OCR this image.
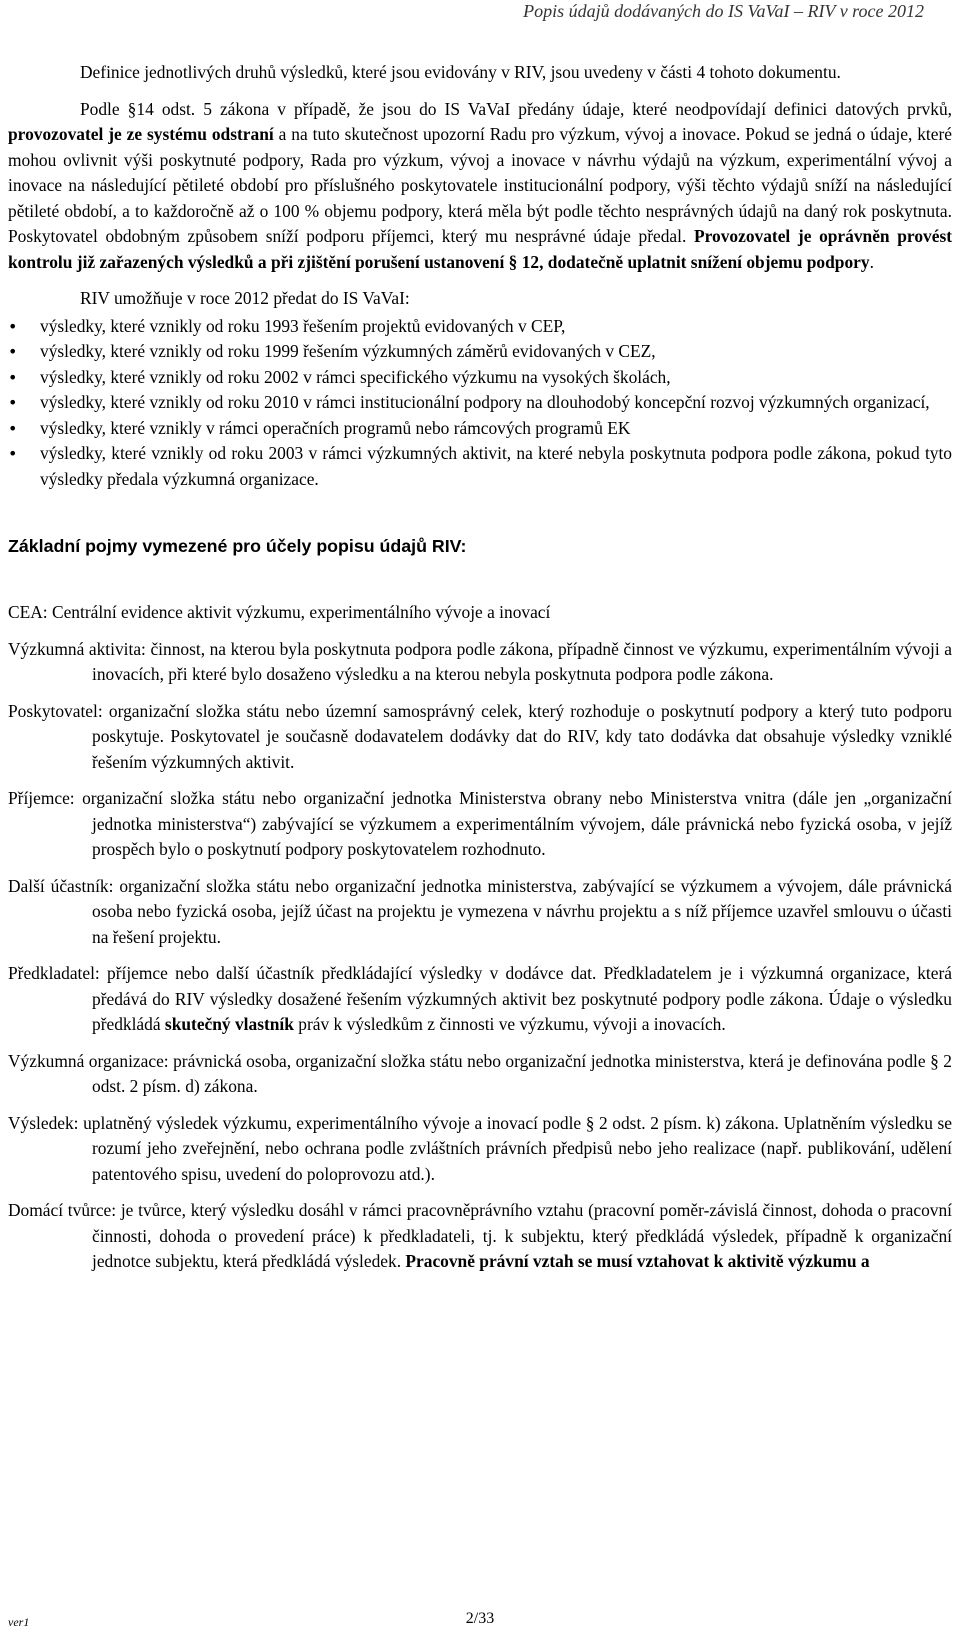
Popis údajů dodávaných do IS VaVaI – RIV v roce 2012

Definice jednotlivých druhů výsledků, které jsou evidovány v RIV, jsou uvedeny v části 4 tohoto dokumentu.

Podle §14 odst. 5 zákona v případě, že jsou do IS VaVaI předány údaje, které neodpovídají definici datových prvků, provozovatel je ze systému odstraní a na tuto skutečnost upozorní Radu pro výzkum, vývoj a inovace. Pokud se jedná o údaje, které mohou ovlivnit výši poskytnuté podpory, Rada pro výzkum, vývoj a inovace v návrhu výdajů na výzkum, experimentální vývoj a inovace na následující pětileté období pro příslušného poskytovatele institucionální podpory, výši těchto výdajů sníží na následující pětileté období, a to každoročně až o 100 % objemu podpory, která měla být podle těchto nesprávných údajů na daný rok poskytnuta. Poskytovatel obdobným způsobem sníží podporu příjemci, který mu nesprávné údaje předal. Provozovatel je oprávněn provést kontrolu již zařazených výsledků a při zjištění porušení ustanovení § 12, dodatečně uplatnit snížení objemu podpory.

RIV umožňuje v roce 2012 předat do IS VaVaI:

• výsledky, které vznikly od roku 1993 řešením projektů evidovaných v CEP,
• výsledky, které vznikly od roku 1999 řešením výzkumných záměrů evidovaných v CEZ,
• výsledky, které vznikly od roku 2002 v rámci specifického výzkumu na vysokých školách,
• výsledky, které vznikly od roku 2010 v rámci institucionální podpory na dlouhodobý koncepční rozvoj výzkumných organizací,
• výsledky, které vznikly v rámci operačních programů nebo rámcových programů EK
• výsledky, které vznikly od roku 2003 v rámci výzkumných aktivit, na které nebyla poskytnuta podpora podle zákona, pokud tyto výsledky předala výzkumná organizace.
Základní pojmy vymezené pro účely popisu údajů RIV:

CEA: Centrální evidence aktivit výzkumu, experimentálního vývoje a inovací

Výzkumná aktivita: činnost, na kterou byla poskytnuta podpora podle zákona, případně činnost ve výzkumu, experimentálním vývoji a inovacích, při které bylo dosaženo výsledku a na kterou nebyla poskytnuta podpora podle zákona.

Poskytovatel: organizační složka státu nebo územní samosprávný celek, který rozhoduje o poskytnutí podpory a který tuto podporu poskytuje. Poskytovatel je současně dodavatelem dodávky dat do RIV, kdy tato dodávka dat obsahuje výsledky vzniklé řešením výzkumných aktivit.

Příjemce: organizační složka státu nebo organizační jednotka Ministerstva obrany nebo Ministerstva vnitra (dále jen „organizační jednotka ministerstva“) zabývající se výzkumem a experimentálním vývojem, dále právnická nebo fyzická osoba, v jejíž prospěch bylo o poskytnutí podpory poskytovatelem rozhodnuto.

Další účastník: organizační složka státu nebo organizační jednotka ministerstva, zabývající se výzkumem a vývojem, dále právnická osoba nebo fyzická osoba, jejíž účast na projektu je vymezena v návrhu projektu a s níž příjemce uzavřel smlouvu o účasti na řešení projektu.

Předkladatel: příjemce nebo další účastník předkládající výsledky v dodávce dat. Předkladatelem je i výzkumná organizace, která předává do RIV výsledky dosažené řešením výzkumných aktivit bez poskytnuté podpory podle zákona. Údaje o výsledku předkládá skutečný vlastník práv k výsledkům z činnosti ve výzkumu, vývoji a inovacích.

Výzkumná organizace: právnická osoba, organizační složka státu nebo organizační jednotka ministerstva, která je definována podle § 2 odst. 2 písm. d) zákona.

Výsledek: uplatněný výsledek výzkumu, experimentálního vývoje a inovací podle § 2 odst. 2 písm. k) zákona. Uplatněním výsledku se rozumí jeho zveřejnění, nebo ochrana podle zvláštních právních předpisů nebo jeho realizace (např. publikování, udělení patentového spisu, uvedení do poloprovozu atd.).

Domácí tvůrce: je tvůrce, který výsledku dosáhl v rámci pracovněprávního vztahu (pracovní poměr-závislá činnost, dohoda o pracovní činnosti, dohoda o provedení práce) k předkladateli, tj. k subjektu, který předkládá výsledek, případně k organizační jednotce subjektu, která předkládá výsledek. Pracovně právní vztah se musí vztahovat k aktivitě výzkumu a

ver1	2/33
